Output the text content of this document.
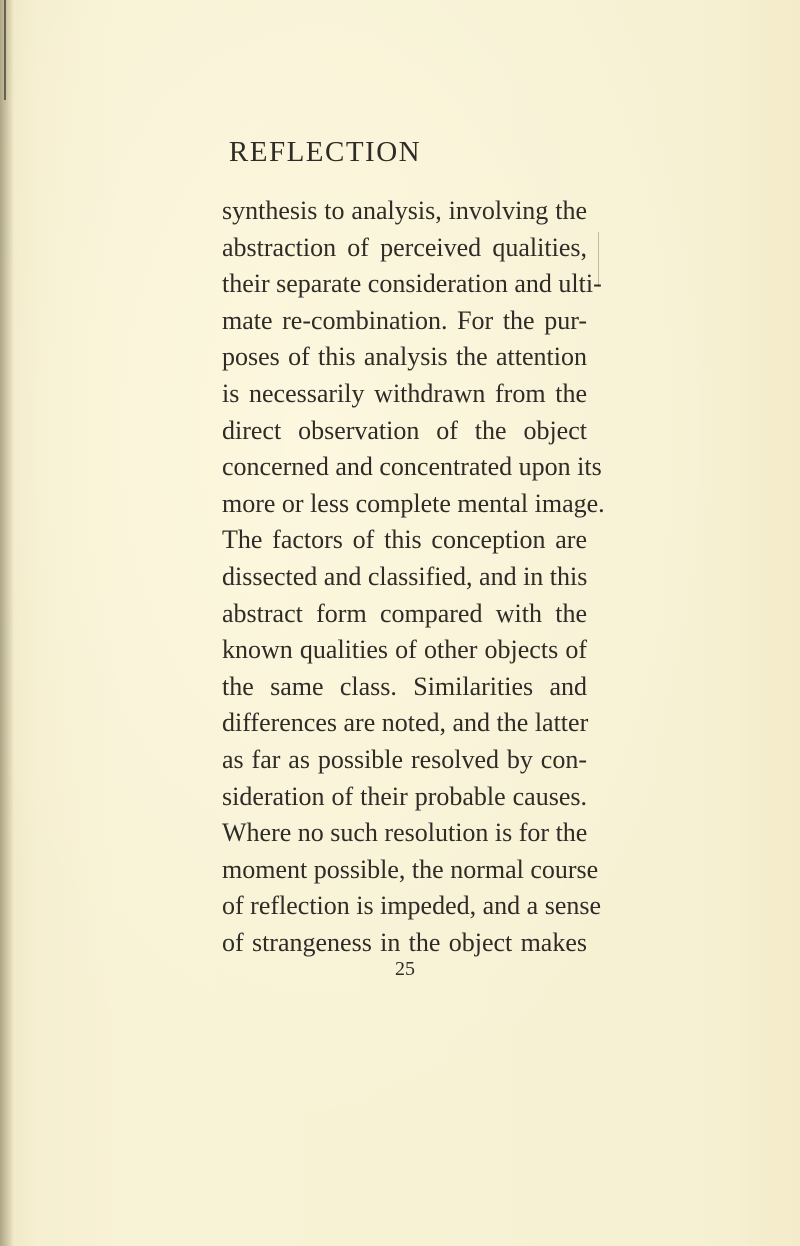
REFLECTION
synthesis to analysis, involving the
abstraction of perceived qualities,
their separate consideration and ulti-
mate re-combination. For the pur-
poses of this analysis the attention
is necessarily withdrawn from the
direct observation of the object
concerned and concentrated upon its
more or less complete mental image.
The factors of this conception are
dissected and classified, and in this
abstract form compared with the
known qualities of other objects of
the same class. Similarities and
differences are noted, and the latter
as far as possible resolved by con-
sideration of their probable causes.
Where no such resolution is for the
moment possible, the normal course
of reflection is impeded, and a sense
of strangeness in the object makes
25
